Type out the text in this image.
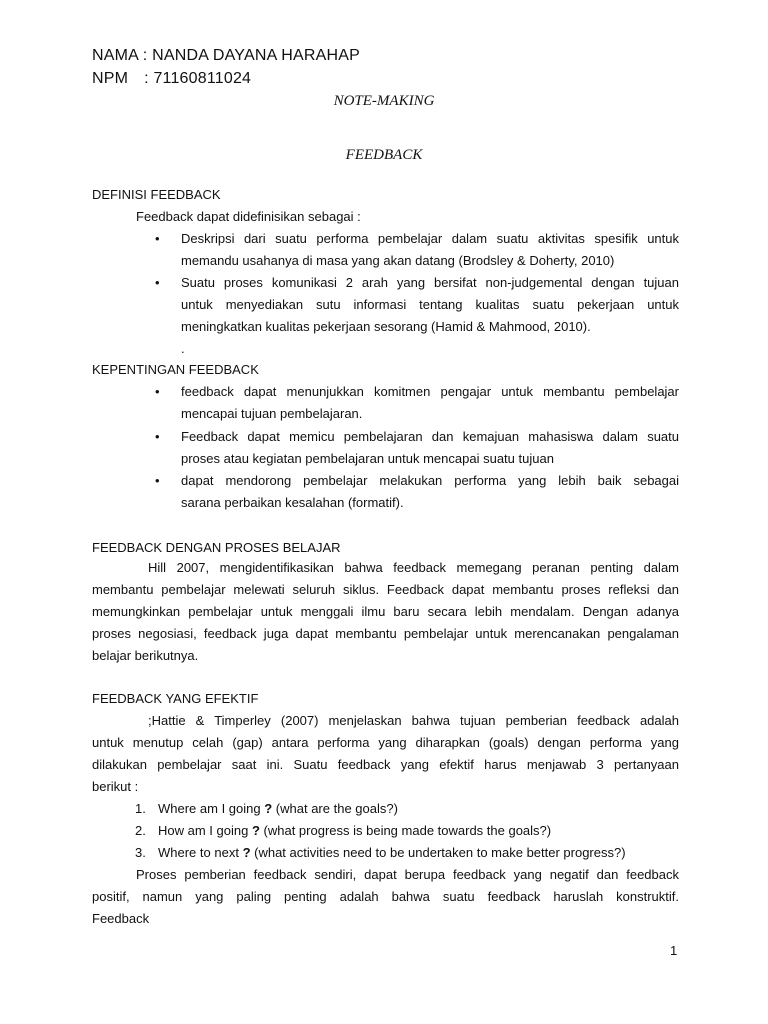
NAMA : NANDA DAYANA HARAHAP
NPM : 71160811024
NOTE-MAKING
FEEDBACK
DEFINISI FEEDBACK
Feedback dapat didefinisikan sebagai :
• Deskripsi dari suatu performa pembelajar dalam suatu aktivitas spesifik untuk
memandu usahanya di masa yang akan datang (Brodsley & Doherty, 2010)
• Suatu proses komunikasi 2 arah yang bersifat non-judgemental dengan tujuan
untuk menyediakan sutu informasi tentang kualitas suatu pekerjaan untuk
meningkatkan kualitas pekerjaan sesorang (Hamid & Mahmood, 2010).
.
KEPENTINGAN FEEDBACK
• feedback dapat menunjukkan komitmen pengajar untuk membantu pembelajar
mencapai tujuan pembelajaran.
• Feedback dapat memicu pembelajaran dan kemajuan mahasiswa dalam suatu
proses atau kegiatan pembelajaran untuk mencapai suatu tujuan
• dapat mendorong pembelajar melakukan performa yang lebih baik sebagai
sarana perbaikan kesalahan (formatif).
FEEDBACK DENGAN PROSES BELAJAR
Hill 2007, mengidentifikasikan bahwa feedback memegang peranan penting dalam
membantu pembelajar melewati seluruh siklus. Feedback dapat membantu proses refleksi dan
memungkinkan pembelajar untuk menggali ilmu baru secara lebih mendalam. Dengan adanya
proses negosiasi, feedback juga dapat membantu pembelajar untuk merencanakan pengalaman
belajar berikutnya.
FEEDBACK YANG EFEKTIF
;Hattie & Timperley (2007) menjelaskan bahwa tujuan pemberian feedback adalah
untuk menutup celah (gap) antara performa yang diharapkan (goals) dengan performa yang
dilakukan pembelajar saat ini. Suatu feedback yang efektif harus menjawab 3 pertanyaan
berikut :
1. Where am I going ? (what are the goals?)
2. How am I going ? (what progress is being made towards the goals?)
3. Where to next ? (what activities need to be undertaken to make better progress?)
Proses pemberian feedback sendiri, dapat berupa feedback yang negatif dan feedback
positif, namun yang paling penting adalah bahwa suatu feedback haruslah konstruktif.
Feedback
1
